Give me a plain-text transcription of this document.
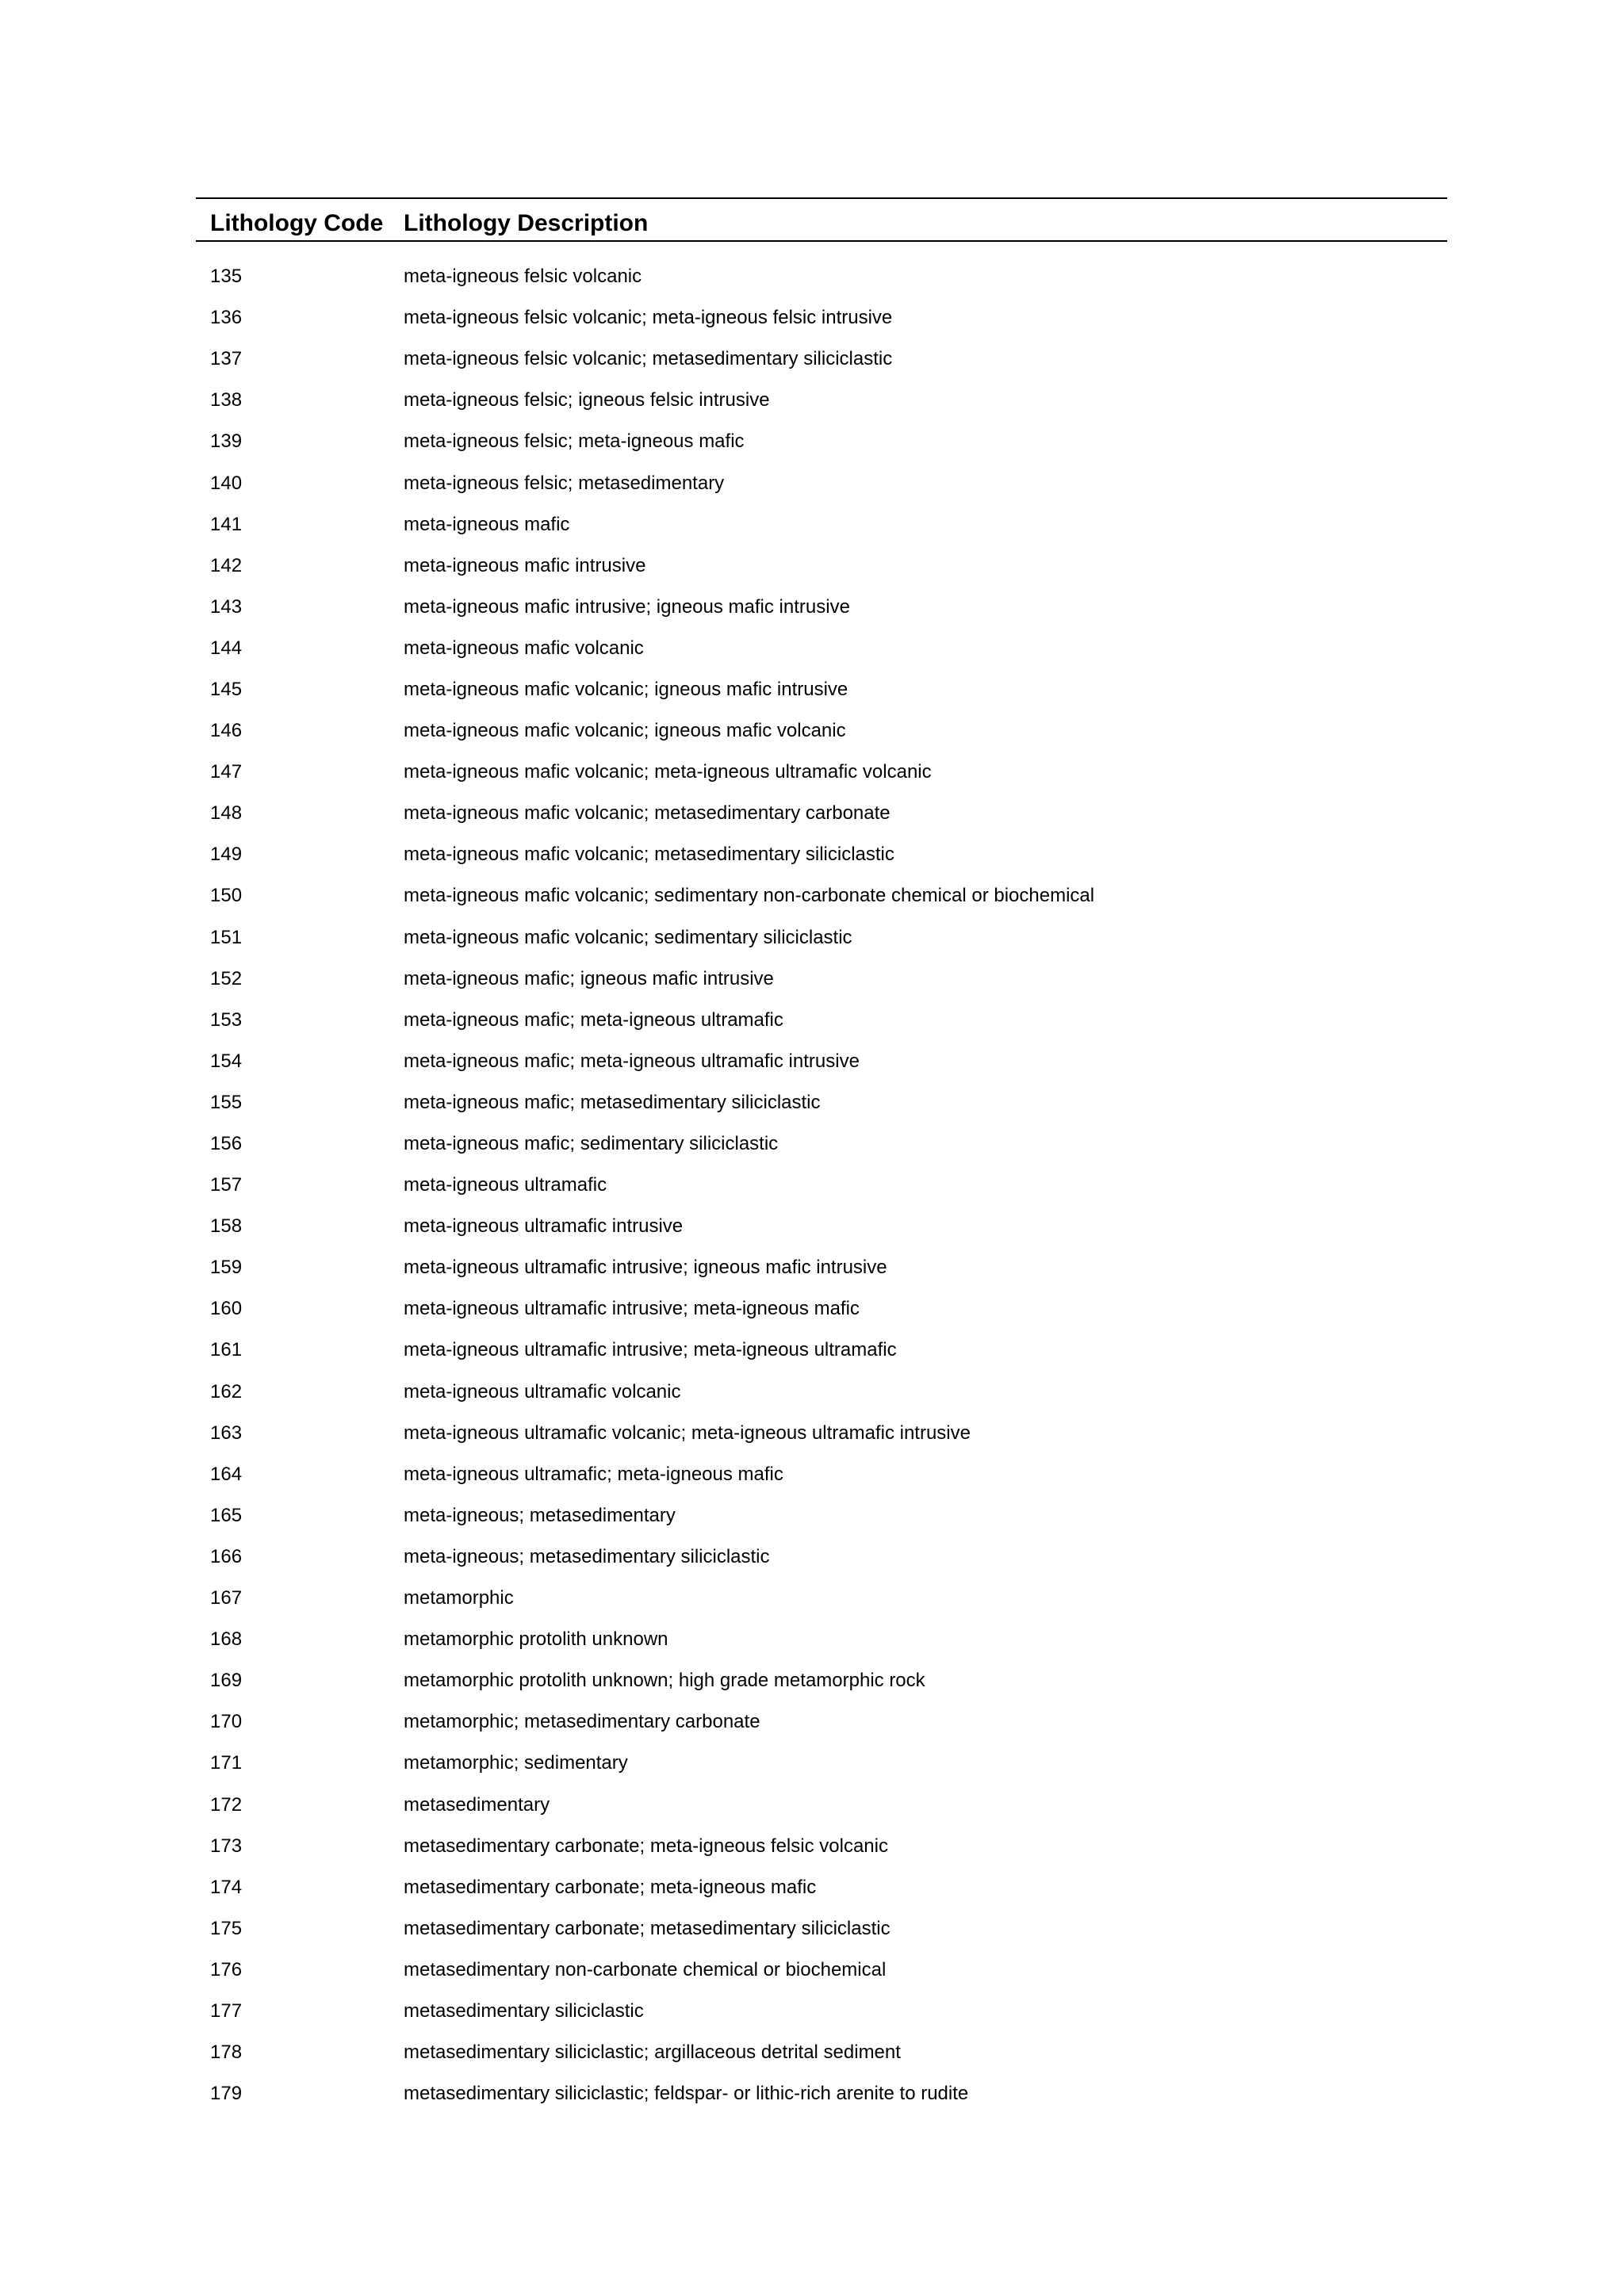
Lithology Code Lithology Description
135	meta-igneous felsic volcanic
136	meta-igneous felsic volcanic; meta-igneous felsic intrusive
137	meta-igneous felsic volcanic; metasedimentary siliciclastic
138	meta-igneous felsic; igneous felsic intrusive
139	meta-igneous felsic; meta-igneous mafic
140	meta-igneous felsic; metasedimentary
141	meta-igneous mafic
142	meta-igneous mafic intrusive
143	meta-igneous mafic intrusive; igneous mafic intrusive
144	meta-igneous mafic volcanic
145	meta-igneous mafic volcanic; igneous mafic intrusive
146	meta-igneous mafic volcanic; igneous mafic volcanic
147	meta-igneous mafic volcanic; meta-igneous ultramafic volcanic
148	meta-igneous mafic volcanic; metasedimentary carbonate
149	meta-igneous mafic volcanic; metasedimentary siliciclastic
150	meta-igneous mafic volcanic; sedimentary non-carbonate chemical or biochemical
151	meta-igneous mafic volcanic; sedimentary siliciclastic
152	meta-igneous mafic; igneous mafic intrusive
153	meta-igneous mafic; meta-igneous ultramafic
154	meta-igneous mafic; meta-igneous ultramafic intrusive
155	meta-igneous mafic; metasedimentary siliciclastic
156	meta-igneous mafic; sedimentary siliciclastic
157	meta-igneous ultramafic
158	meta-igneous ultramafic intrusive
159	meta-igneous ultramafic intrusive; igneous mafic intrusive
160	meta-igneous ultramafic intrusive; meta-igneous mafic
161	meta-igneous ultramafic intrusive; meta-igneous ultramafic
162	meta-igneous ultramafic volcanic
163	meta-igneous ultramafic volcanic; meta-igneous ultramafic intrusive
164	meta-igneous ultramafic; meta-igneous mafic
165	meta-igneous; metasedimentary
166	meta-igneous; metasedimentary siliciclastic
167	metamorphic
168	metamorphic protolith unknown
169	metamorphic protolith unknown; high grade metamorphic rock
170	metamorphic; metasedimentary carbonate
171	metamorphic; sedimentary
172	metasedimentary
173	metasedimentary carbonate; meta-igneous felsic volcanic
174	metasedimentary carbonate; meta-igneous mafic
175	metasedimentary carbonate; metasedimentary siliciclastic
176	metasedimentary non-carbonate chemical or biochemical
177	metasedimentary siliciclastic
178	metasedimentary siliciclastic; argillaceous detrital sediment
179	metasedimentary siliciclastic; feldspar- or lithic-rich arenite to rudite
